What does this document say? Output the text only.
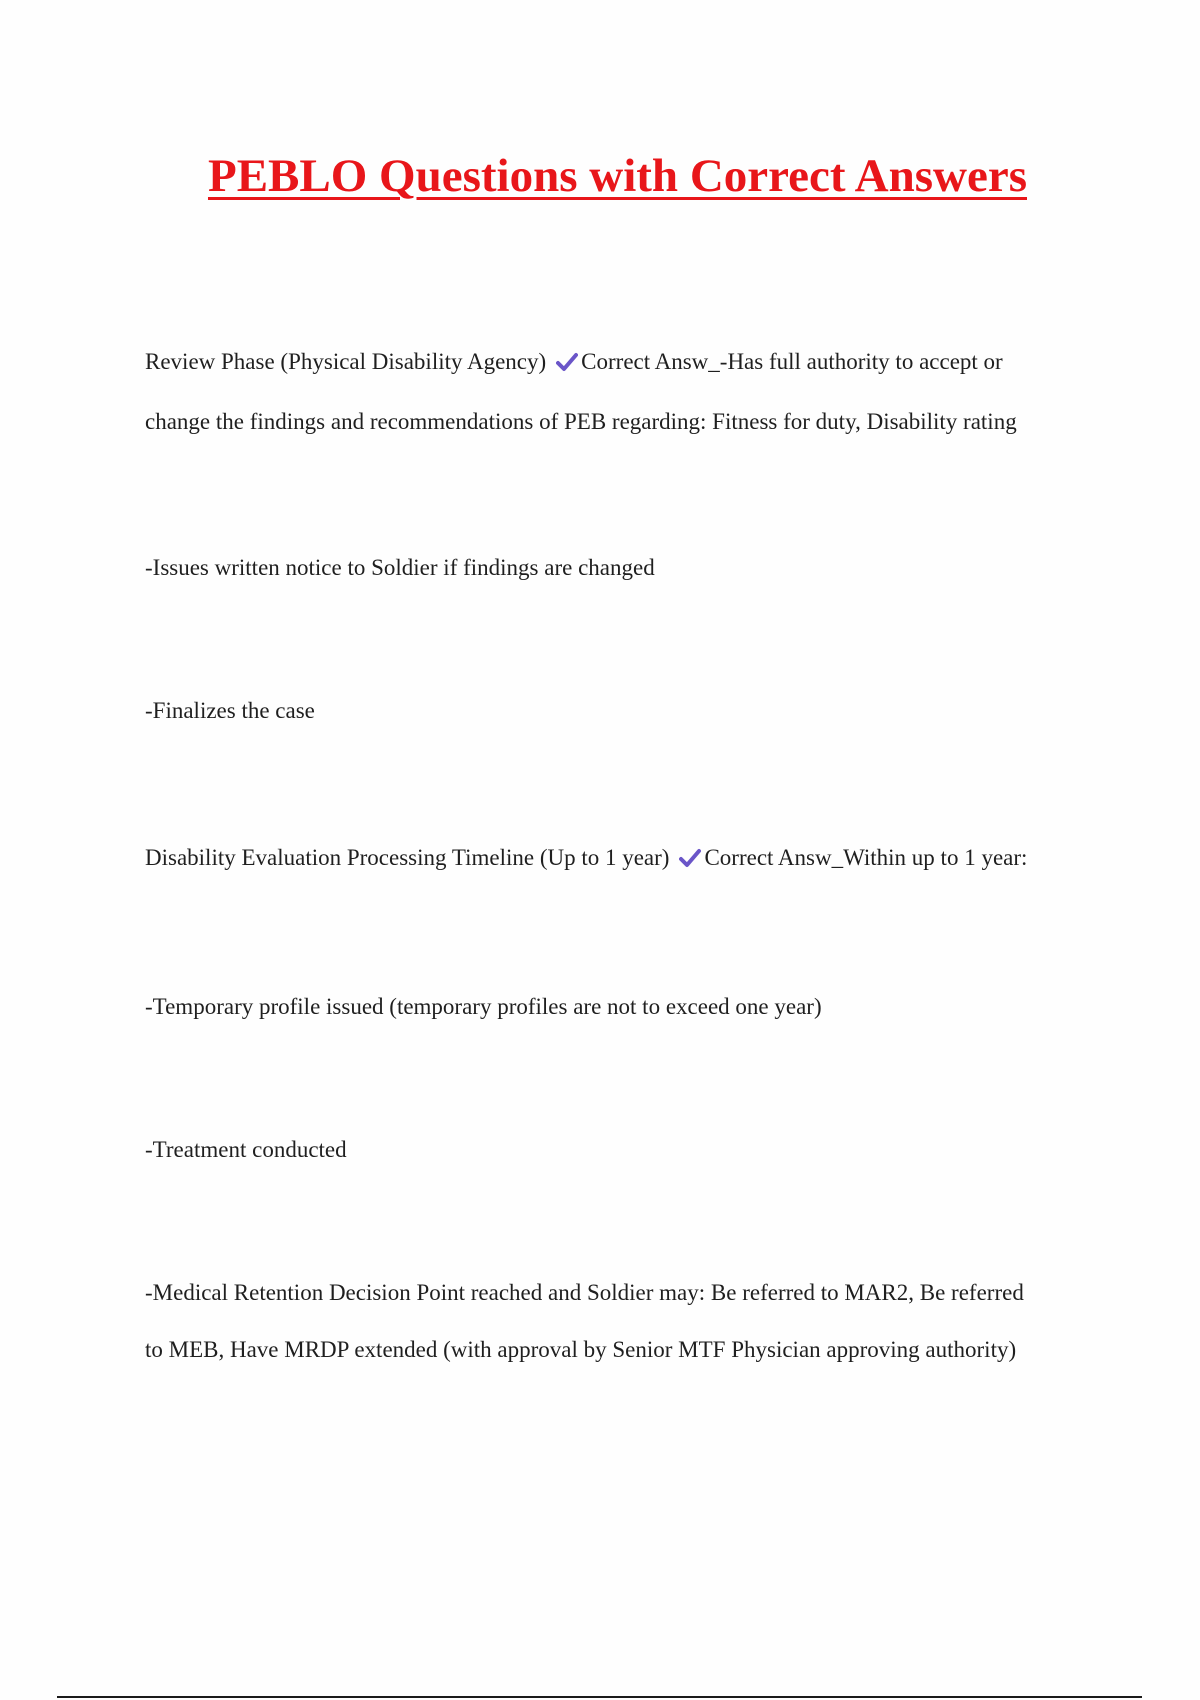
PEBLO Questions with Correct Answers
Review Phase (Physical Disability Agency) Correct Answ_-Has full authority to accept or
change the findings and recommendations of PEB regarding: Fitness for duty, Disability rating
-Issues written notice to Soldier if findings are changed
-Finalizes the case
Disability Evaluation Processing Timeline (Up to 1 year) Correct Answ_Within up to 1 year:
-Temporary profile issued (temporary profiles are not to exceed one year)
-Treatment conducted
-Medical Retention Decision Point reached and Soldier may: Be referred to MAR2, Be referred
to MEB, Have MRDP extended (with approval by Senior MTF Physician approving authority)
